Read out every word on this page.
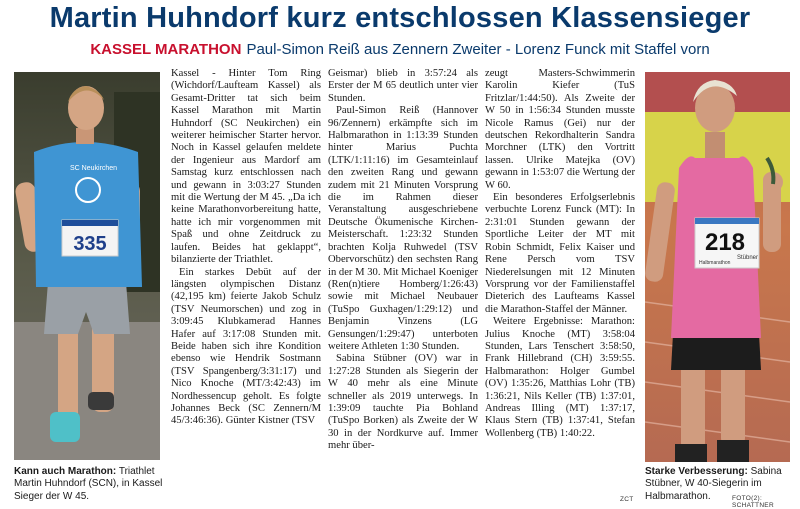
Martin Huhndorf kurz entschlossen Klassensieger
KASSEL MARATHON Paul-Simon Reiß aus Zennern Zweiter - Lorenz Funck mit Staffel vorn
SC Neukirchen
335

Kassel - Hinter Tom Ring (Wichdorf/Laufteam Kassel) als Gesamt-Dritter tat sich beim Kassel Marathon mit Martin Huhndorf (SC Neukirchen) ein weiterer heimischer Starter hervor. Noch in Kassel gelaufen meldete der Ingenieur aus Mardorf am Samstag kurz entschlossen nach und gewann in 3:03:27 Stunden mit die Wertung der M 45. „Da ich keine Marathonvorbereitung hatte, hatte ich mir vorgenommen mit Spaß und ohne Zeitdruck zu laufen. Beides hat geklappt“, bilanzierte der Triathlet.

Ein starkes Debüt auf der längsten olympischen Distanz (42,195 km) feierte Jakob Schulz (TSV Neumorschen) und zog in 3:09:45 Klubkamerad Hannes Hafer auf 3:17:08 Stunden mit. Beide haben sich ihre Kondition ebenso wie Hendrik Sostmann (TSV Spangenberg/3:31:17) und Nico Knoche (MT/3:42:43) im Nordhessencup geholt. Es folgte Johannes Beck (SC Zennern/M 45/3:46:36). Günter Kistner (TSV

Geismar) blieb in 3:57:24 als Erster der M 65 deutlich unter vier Stunden.

Paul-Simon Reiß (Hannover 96/Zennern) erkämpfte sich im Halbmarathon in 1:13:39 Stunden hinter Marius Puchta (LTK/1:11:16) im Gesamteinlauf den zweiten Rang und gewann zudem mit 21 Minuten Vorsprung die im Rahmen dieser Veranstaltung ausgeschriebene Deutsche Ökumenische Kirchen-Meisterschaft. 1:23:32 Stunden brachten Kolja Ruhwedel (TSV Obervorschütz) den sechsten Rang in der M 30. Mit Michael Koeniger (Ren(n)tiere Homberg/1:26:43) sowie mit Michael Neubauer (TuSpo Guxhagen/1:29:12) und Benjamin Vinzens (LG Gensungen/1:29:47) unterboten weitere Athleten 1:30 Stunden.

Sabina Stübner (OV) war in 1:27:28 Stunden als Siegerin der W 40 mehr als eine Minute schneller als 2019 unterwegs. In 1:39:09 tauchte Pia Bohland (TuSpo Borken) als Zweite der W 30 in der Nordkurve auf. Immer mehr über-

zeugt Masters-Schwimmerin Karolin Kiefer (TuS Fritzlar/1:44:50). Als Zweite der W 50 in 1:56:34 Stunden musste Nicole Ramus (Gei) nur der deutschen Rekordhalterin Sandra Morchner (LTK) den Vortritt lassen. Ulrike Matejka (OV) gewann in 1:53:07 die Wertung der W 60.

Ein besonderes Erfolgserlebnis verbuchte Lorenz Funck (MT): In 2:31:01 Stunden gewann der Sportliche Leiter der MT mit Robin Schmidt, Felix Kaiser und Rene Persch vom TSV Niederelsungen mit 12 Minuten Vorsprung vor der Familienstaffel Dieterich des Laufteams Kassel die Marathon-Staffel der Männer.

Weitere Ergebnisse: Marathon: Julius Knoche (MT) 3:58:04 Stunden, Lars Tenschert 3:58:50, Frank Hillebrand (CH) 3:59:55. Halbmarathon: Holger Gumbel (OV) 1:35:26, Matthias Lohr (TB) 1:36:21, Nils Keller (TB) 1:37:01, Andreas Illing (MT) 1:37:17, Klaus Stern (TB) 1:37:41, Stefan Wollenberg (TB) 1:40:22.

218
Stübner
Halbmarathon
Kann auch Marathon: Triathlet Martin Huhndorf (SCN), in Kassel Sieger der W 45.
Starke Verbesserung: Sabina Stübner, W 40-Siegerin im Halbmarathon.
ZCT	FOTO(2): SCHATTNER
